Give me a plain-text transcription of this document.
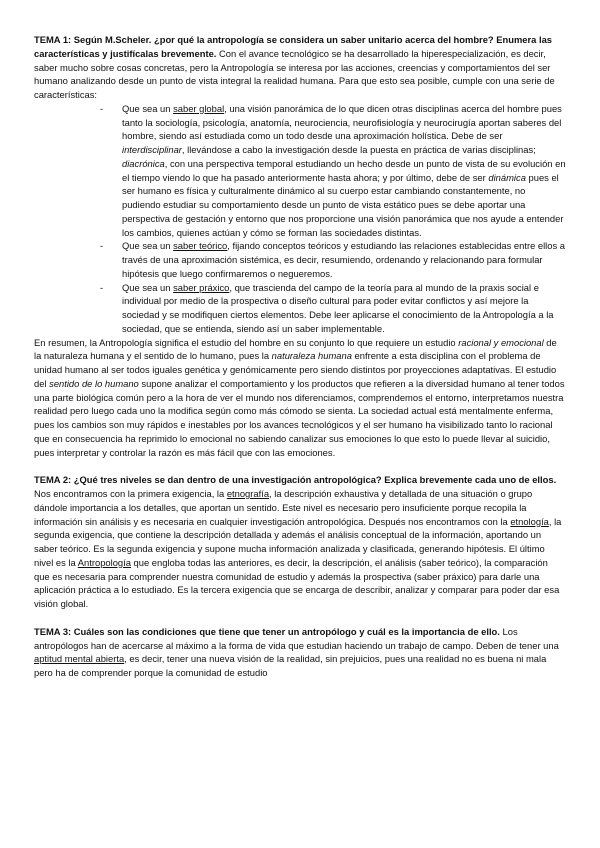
TEMA 1: Según M.Scheler. ¿por qué la antropología se considera un saber unitario acerca del hombre? Enumera las características y justifícalas brevemente. Con el avance tecnológico se ha desarrollado la hiperespecialización, es decir, saber mucho sobre cosas concretas, pero la Antropología se interesa por las acciones, creencias y comportamientos del ser humano analizando desde un punto de vista integral la realidad humana. Para que esto sea posible, cumple con una serie de características:

- Que sea un saber global, una visión panorámica de lo que dicen otras disciplinas acerca del hombre pues tanto la sociología, psicología, anatomía, neurociencia, neurofisiología y neurocirugía aportan saberes del hombre, siendo así estudiada como un todo desde una aproximación holística. Debe de ser interdisciplinar, llevándose a cabo la investigación desde la puesta en práctica de varias disciplinas; diacrónica, con una perspectiva temporal estudiando un hecho desde un punto de vista de su evolución en el tiempo viendo lo que ha pasado anteriormente hasta ahora; y por último, debe de ser dinámica pues el ser humano es física y culturalmente dinámico al su cuerpo estar cambiando constantemente, no pudiendo estudiar su comportamiento desde un punto de vista estático pues se debe aportar una perspectiva de gestación y entorno que nos proporcione una visión panorámica que nos ayude a entender los cambios, quienes actúan y cómo se forman las sociedades distintas.
- Que sea un saber teórico, fijando conceptos teóricos y estudiando las relaciones establecidas entre ellos a través de una aproximación sistémica, es decir, resumiendo, ordenando y relacionando para formular hipótesis que luego confirmaremos o negueremos.
- Que sea un saber práxico, que trascienda del campo de la teoría para al mundo de la praxis social e individual por medio de la prospectiva o diseño cultural para poder evitar conflictos y así mejore la sociedad y se modifiquen ciertos elementos. Debe leer aplicarse el conocimiento de la Antropología a la sociedad, que se entienda, siendo así un saber implementable.

En resumen, la Antropología significa el estudio del hombre en su conjunto lo que requiere un estudio racional y emocional de la naturaleza humana y el sentido de lo humano, pues la naturaleza humana enfrente a esta disciplina con el problema de unidad humano al ser todos iguales genética y genómicamente pero siendo distintos por proyecciones adaptativas. El estudio del sentido de lo humano supone analizar el comportamiento y los productos que refieren a la diversidad humano al tener todos una parte biológica común pero a la hora de ver el mundo nos diferenciamos, comprendemos el entorno, interpretamos nuestra realidad pero luego cada uno la modifica según como más cómodo se sienta. La sociedad actual está mentalmente enferma, pues los cambios son muy rápidos e inestables por los avances tecnológicos y el ser humano ha visibilizado tanto lo racional que en consecuencia ha reprimido lo emocional no sabiendo canalizar sus emociones lo que esto lo puede llevar al suicidio, pues interpretar y controlar la razón es más fácil que con las emociones.

TEMA 2: ¿Qué tres niveles se dan dentro de una investigación antropológica? Explica brevemente cada uno de ellos. Nos encontramos con la primera exigencia, la etnografía, la descripción exhaustiva y detallada de una situación o grupo dándole importancia a los detalles, que aportan un sentido. Este nivel es necesario pero insuficiente porque recopila la información sin análisis y es necesaria en cualquier investigación antropológica. Después nos encontramos con la etnología, la segunda exigencia, que contiene la descripción detallada y además el análisis conceptual de la información, aportando un saber teórico. Es la segunda exigencia y supone mucha información analizada y clasificada, generando hipótesis. El último nivel es la Antropología que engloba todas las anteriores, es decir, la descripción, el análisis (saber teórico), la comparación que es necesaria para comprender nuestra comunidad de estudio y además la prospectiva (saber práxico) para darle una aplicación práctica a lo estudiado. Es la tercera exigencia que se encarga de describir, analizar y comparar para poder dar esa visión global.

TEMA 3: Cuáles son las condiciones que tiene que tener un antropólogo y cuál es la importancia de ello. Los antropólogos han de acercarse al máximo a la forma de vida que estudian haciendo un trabajo de campo. Deben de tener una aptitud mental abierta, es decir, tener una nueva visión de la realidad, sin prejuicios, pues una realidad no es buena ni mala pero ha de comprender porque la comunidad de estudio
